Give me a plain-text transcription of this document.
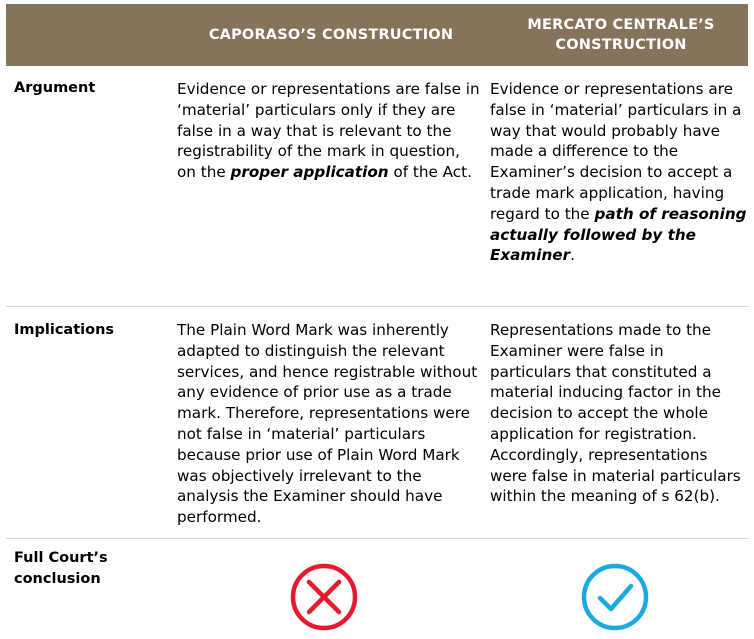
CAPORASO’S CONSTRUCTION
MERCATO CENTRALE’S
CONSTRUCTION
Argument	Evidence or representations are false in ‘material’ particulars only if they are false in a way that is relevant to the registrability of the mark in question, on the proper application of the Act.
Evidence or representations are false in ‘material’ particulars in a way that would probably have made a difference to the Examiner’s decision to accept a trade mark application, having regard to the path of reasoning actually followed by the Examiner.
Implications	The Plain Word Mark was inherently adapted to distinguish the relevant services, and hence registrable without any evidence of prior use as a trade mark. Therefore, representations were not false in ‘material’ particulars because prior use of Plain Word Mark was objectively irrelevant to the analysis the Examiner should have performed.
Representations made to the Examiner were false in particulars that constituted a material inducing factor in the decision to accept the whole application for registration. Accordingly, representations were false in material particulars within the meaning of s 62(b).
Full Court’s
conclusion
